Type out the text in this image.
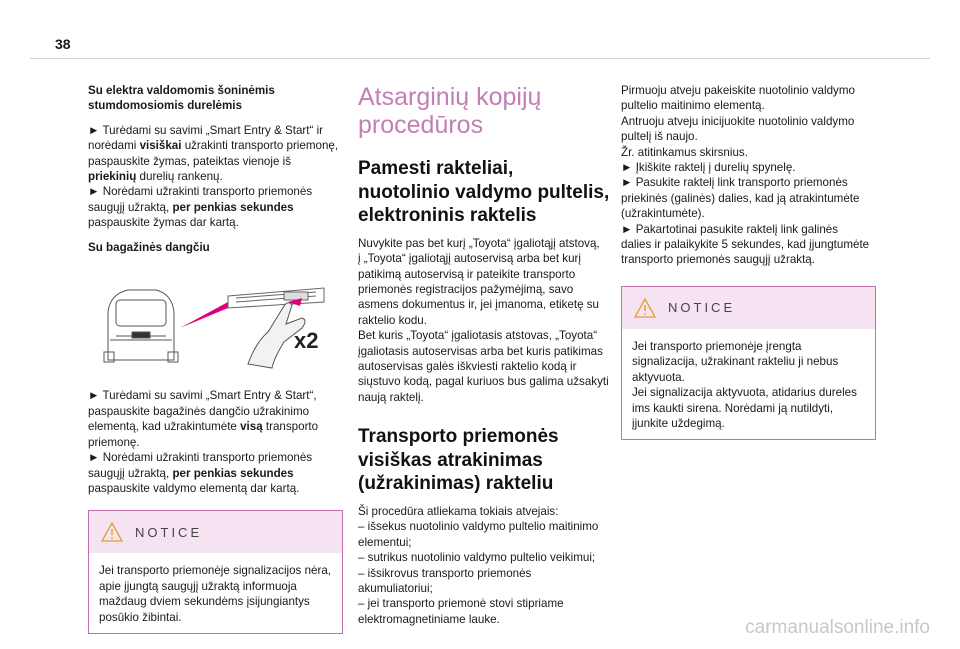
38
Su elektra valdomomis šoninėmis
stumdomosiomis durelėmis

► Turėdami su savimi „Smart Entry & Start“ ir
norėdami visiškai užrakinti transporto priemonę,
paspauskite žymas, pateiktas vienoje iš
priekinių durelių rankenų.
► Norėdami užrakinti transporto priemonės
saugųjį užraktą, per penkias sekundes
paspauskite žymas dar kartą.

Su bagažinės dangčiu
x2

► Turėdami su savimi „Smart Entry & Start“,
paspauskite bagažinės dangčio užrakinimo
elementą, kad užrakintumėte visą transporto
priemonę.
► Norėdami užrakinti transporto priemonės
saugųjį užraktą, per penkias sekundes
paspauskite valdymo elementą dar kartą.

NOTICE
Jei transporto priemonėje signalizacijos nėra,
apie įjungtą saugųjį užraktą informuoja
maždaug dviem sekundėms įsijungiantys
posūkio žibintai.
Atsarginių kopijų
procedūros
Pamesti rakteliai,
nuotolinio valdymo pultelis,
elektroninis raktelis

Nuvykite pas bet kurį „Toyota“ įgaliotąjį atstovą,
į „Toyota“ įgaliotąjį autoservisą arba bet kurį
patikimą autoservisą ir pateikite transporto
priemonės registracijos pažymėjimą, savo
asmens dokumentus ir, jei įmanoma, etiketę su
raktelio kodu.
Bet kuris „Toyota“ įgaliotasis atstovas, „Toyota“
įgaliotasis autoservisas arba bet kuris patikimas
autoservisas galės iškviesti raktelio kodą ir
siųstuvo kodą, pagal kuriuos bus galima užsakyti
naują raktelį.

Transporto priemonės
visiškas atrakinimas
(užrakinimas) rakteliu

Ši procedūra atliekama tokiais atvejais:
– išsekus nuotolinio valdymo pultelio maitinimo
elementui;
– sutrikus nuotolinio valdymo pultelio veikimui;
– išsikrovus transporto priemonės
akumuliatoriui;
– jei transporto priemonė stovi stipriame
elektromagnetiniame lauke.

Pirmuoju atveju pakeiskite nuotolinio valdymo
pultelio maitinimo elementą.
Antruoju atveju inicijuokite nuotolinio valdymo
pultelį iš naujo.
Žr. atitinkamus skirsnius.
► Įkiškite raktelį į durelių spynelę.
► Pasukite raktelį link transporto priemonės
priekinės (galinės) dalies, kad ją atrakintumėte
(užrakintumėte).
► Pakartotinai pasukite raktelį link galinės
dalies ir palaikykite 5 sekundes, kad įjungtumėte
transporto priemonės saugųjį užraktą.

NOTICE
Jei transporto priemonėje įrengta
signalizacija, užrakinant rakteliu ji nebus
aktyvuota.
Jei signalizacija aktyvuota, atidarius dureles
ims kaukti sirena. Norėdami ją nutildyti,
įjunkite uždegimą.
carmanualsonline.info
